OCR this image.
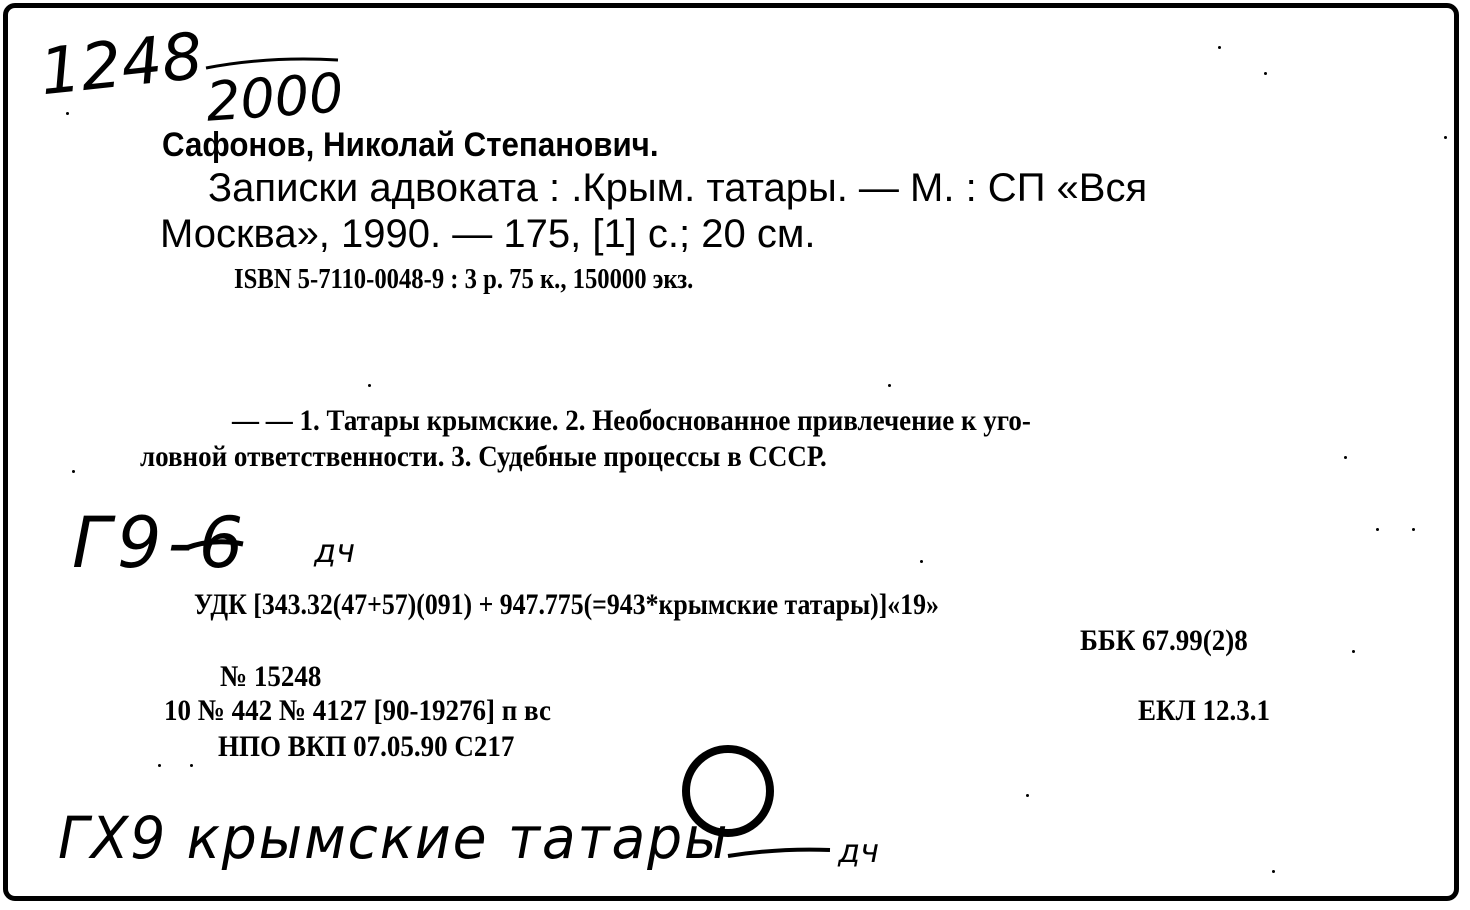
1248
2000
Сафонов, Николай Степанович.
Записки адвоката : .Крым. татары. — М. : СП «Вся
Москва», 1990. — 175, [1] с.; 20 см.
ISBN 5-7110-0048-9 : 3 р. 75 к., 150000 экз.
— — 1. Татары крымские. 2. Необоснованное привлечение к уго-
ловной ответственности. 3. Судебные процессы в СССР.
Г9-6 дч
УДК [343.32(47+57)(091) + 947.775(=943*крымские татары)]«19»
ББК 67.99(2)8
№ 15248
10 № 442 № 4127 [90-19276] п вс	ЕКЛ 12.3.1
НПО ВКП 07.05.90 С217
ГХ9 крымские татары	дч
